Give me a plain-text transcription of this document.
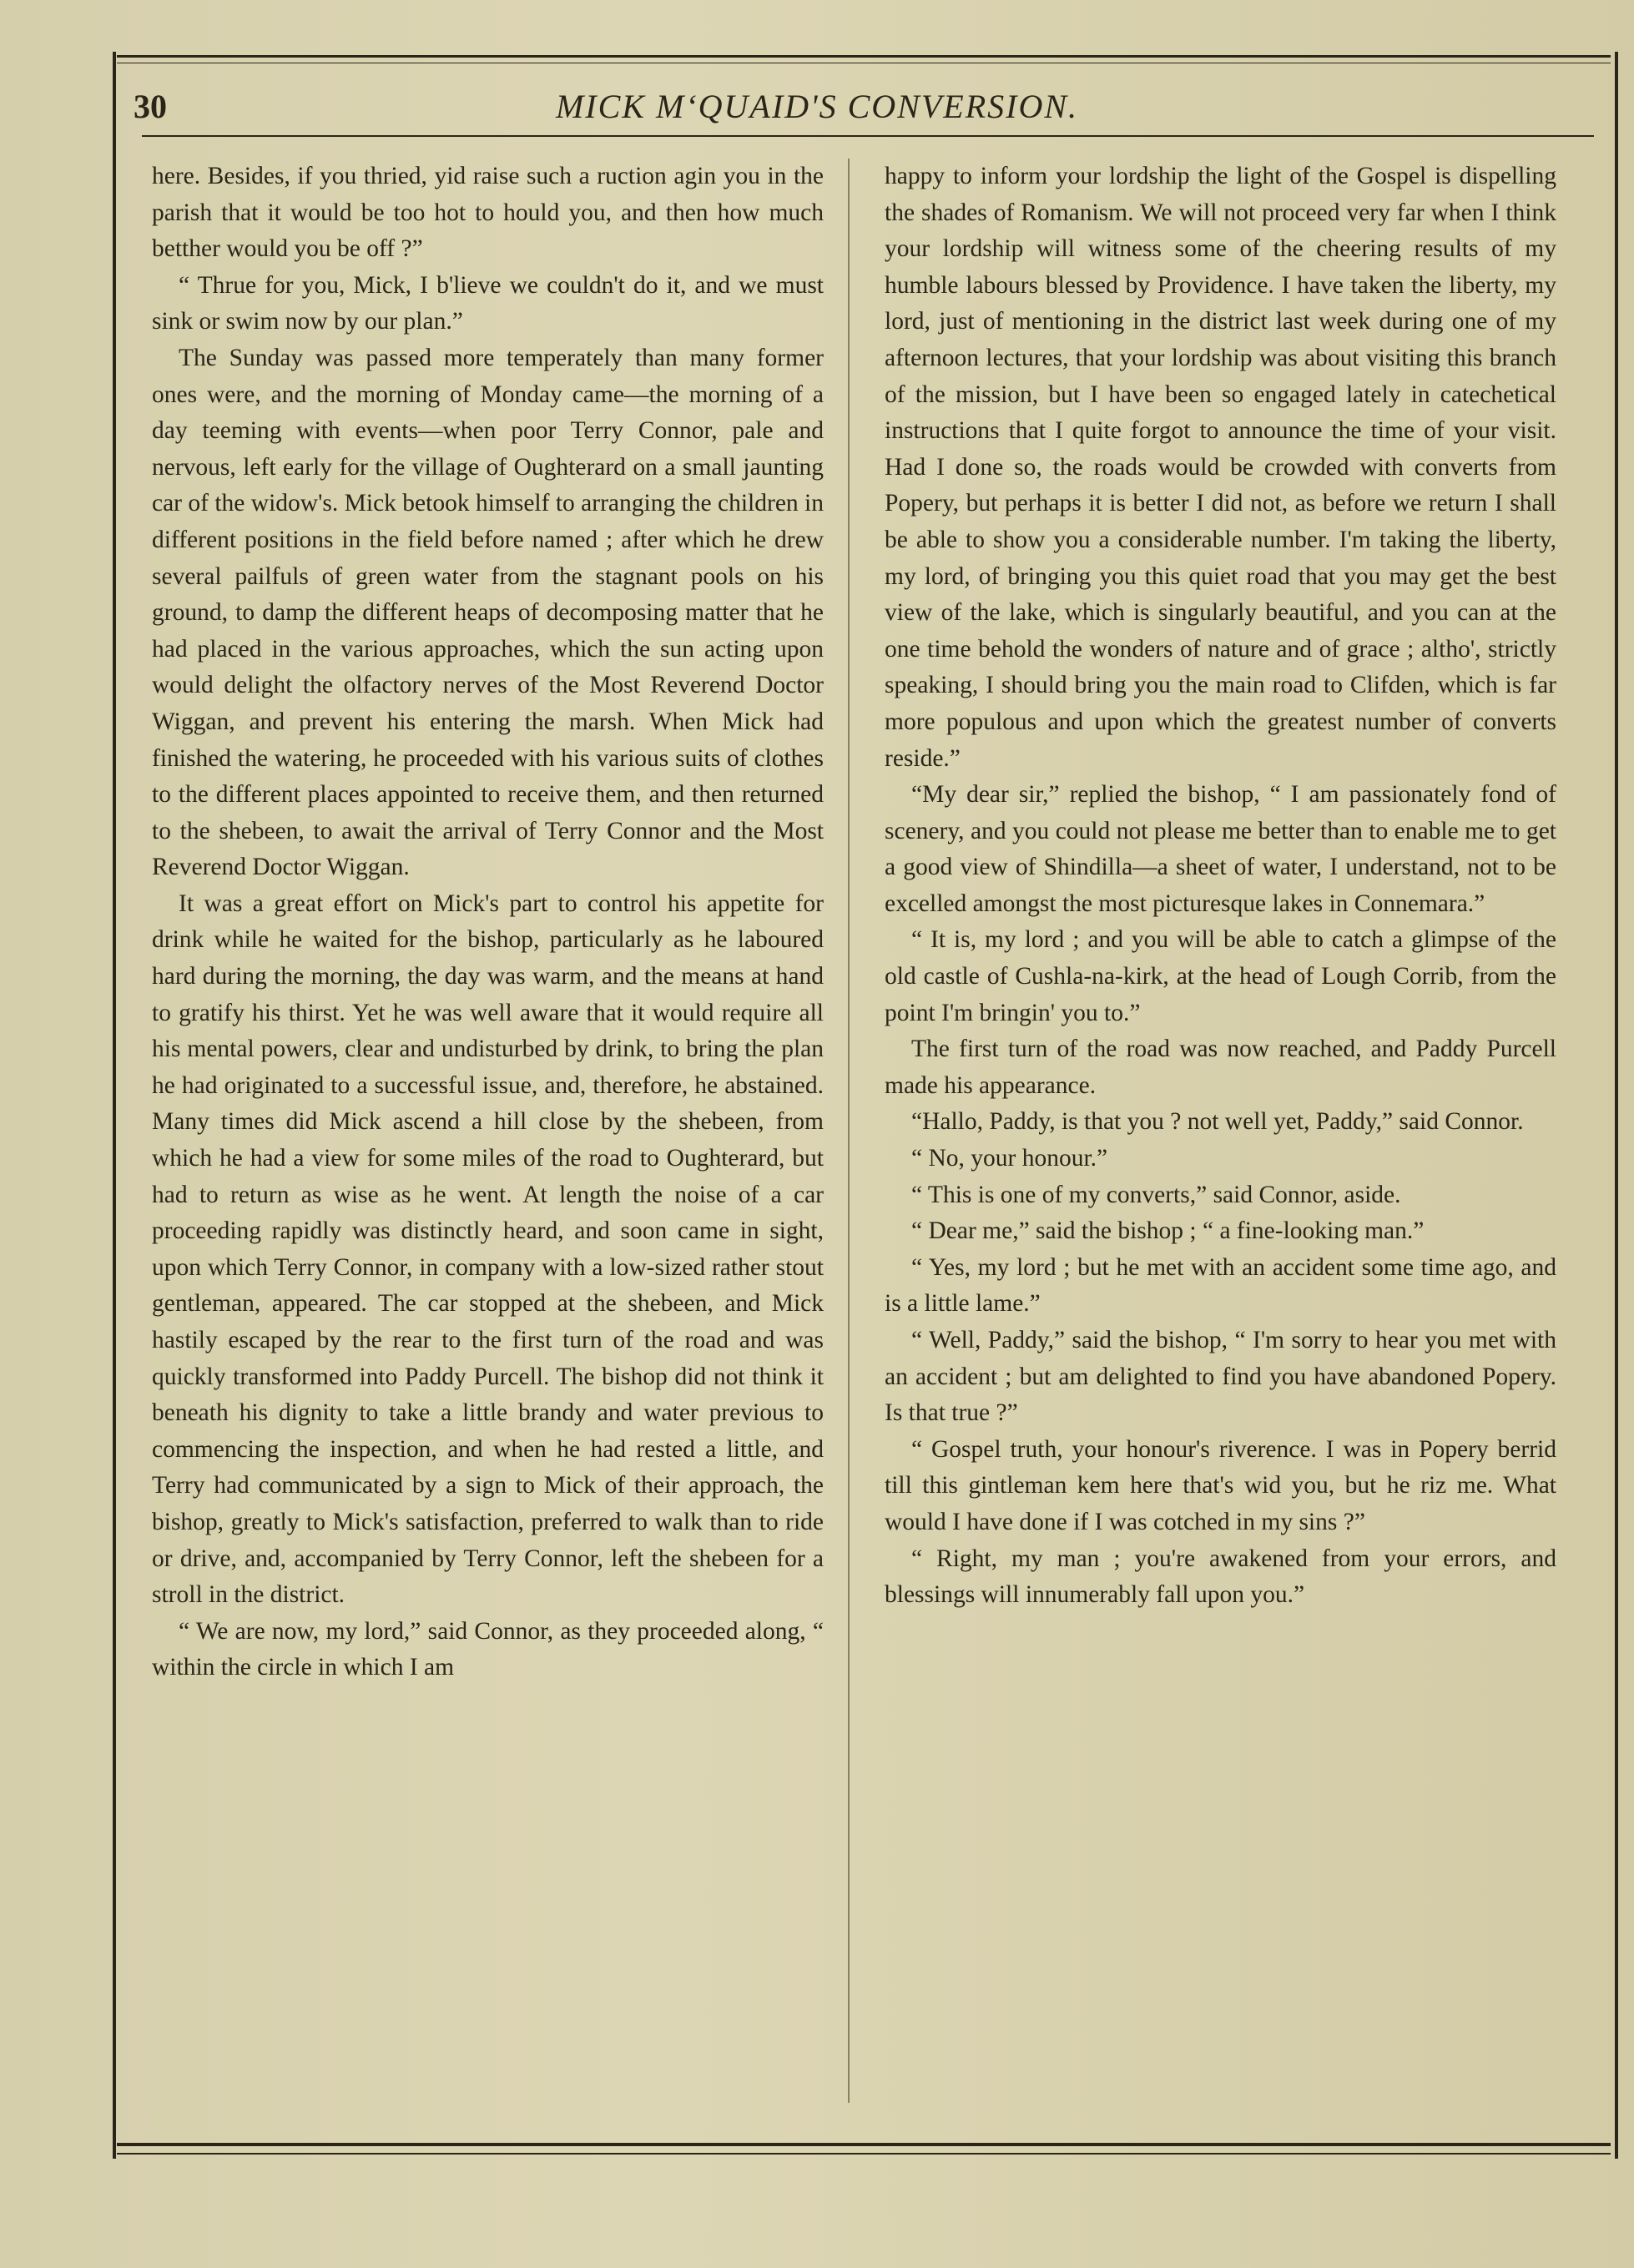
30	MICK M‘QUAID'S CONVERSION.

here. Besides, if you thried, yid raise such a ruction agin you in the parish that it would be too hot to hould you, and then how much betther would you be off ?”

“ Thrue for you, Mick, I b'lieve we couldn't do it, and we must sink or swim now by our plan.”

The Sunday was passed more temperately than many former ones were, and the morning of Monday came—the morning of a day teeming with events—when poor Terry Connor, pale and nervous, left early for the village of Oughterard on a small jaunting car of the widow's. Mick betook himself to arranging the children in different positions in the field before named ; after which he drew several pailfuls of green water from the stagnant pools on his ground, to damp the different heaps of decomposing matter that he had placed in the various approaches, which the sun acting upon would delight the olfactory nerves of the Most Reverend Doctor Wiggan, and prevent his entering the marsh. When Mick had finished the watering, he proceeded with his various suits of clothes to the different places appointed to receive them, and then returned to the shebeen, to await the arrival of Terry Connor and the Most Reverend Doctor Wiggan.

It was a great effort on Mick's part to control his appetite for drink while he waited for the bishop, particularly as he laboured hard during the morning, the day was warm, and the means at hand to gratify his thirst. Yet he was well aware that it would require all his mental powers, clear and undisturbed by drink, to bring the plan he had originated to a successful issue, and, therefore, he abstained. Many times did Mick ascend a hill close by the shebeen, from which he had a view for some miles of the road to Oughterard, but had to return as wise as he went. At length the noise of a car proceeding rapidly was distinctly heard, and soon came in sight, upon which Terry Connor, in company with a low-sized rather stout gentleman, appeared. The car stopped at the shebeen, and Mick hastily escaped by the rear to the first turn of the road and was quickly transformed into Paddy Purcell. The bishop did not think it beneath his dignity to take a little brandy and water previous to commencing the inspection, and when he had rested a little, and Terry had communicated by a sign to Mick of their approach, the bishop, greatly to Mick's satisfaction, preferred to walk than to ride or drive, and, accompanied by Terry Connor, left the shebeen for a stroll in the district.

“ We are now, my lord,” said Connor, as they proceeded along, “ within the circle in which I am

happy to inform your lordship the light of the Gospel is dispelling the shades of Romanism. We will not proceed very far when I think your lordship will witness some of the cheering results of my humble labours blessed by Providence. I have taken the liberty, my lord, just of mentioning in the district last week during one of my afternoon lectures, that your lordship was about visiting this branch of the mission, but I have been so engaged lately in catechetical instructions that I quite forgot to announce the time of your visit. Had I done so, the roads would be crowded with converts from Popery, but perhaps it is better I did not, as before we return I shall be able to show you a considerable number. I'm taking the liberty, my lord, of bringing you this quiet road that you may get the best view of the lake, which is singularly beautiful, and you can at the one time behold the wonders of nature and of grace ; altho', strictly speaking, I should bring you the main road to Clifden, which is far more populous and upon which the greatest number of converts reside.”

“My dear sir,” replied the bishop, “ I am passionately fond of scenery, and you could not please me better than to enable me to get a good view of Shindilla—a sheet of water, I understand, not to be excelled amongst the most picturesque lakes in Connemara.”

“ It is, my lord ; and you will be able to catch a glimpse of the old castle of Cushla-na-kirk, at the head of Lough Corrib, from the point I'm bringin' you to.”

The first turn of the road was now reached, and Paddy Purcell made his appearance.

“Hallo, Paddy, is that you ? not well yet, Paddy,” said Connor.

“ No, your honour.”

“ This is one of my converts,” said Connor, aside.

“ Dear me,” said the bishop ; “ a fine-looking man.”

“ Yes, my lord ; but he met with an accident some time ago, and is a little lame.”

“ Well, Paddy,” said the bishop, “ I'm sorry to hear you met with an accident ; but am delighted to find you have abandoned Popery. Is that true ?”

“ Gospel truth, your honour's riverence. I was in Popery berrid till this gintleman kem here that's wid you, but he riz me. What would I have done if I was cotched in my sins ?”

“ Right, my man ; you're awakened from your errors, and blessings will innumerably fall upon you.”
